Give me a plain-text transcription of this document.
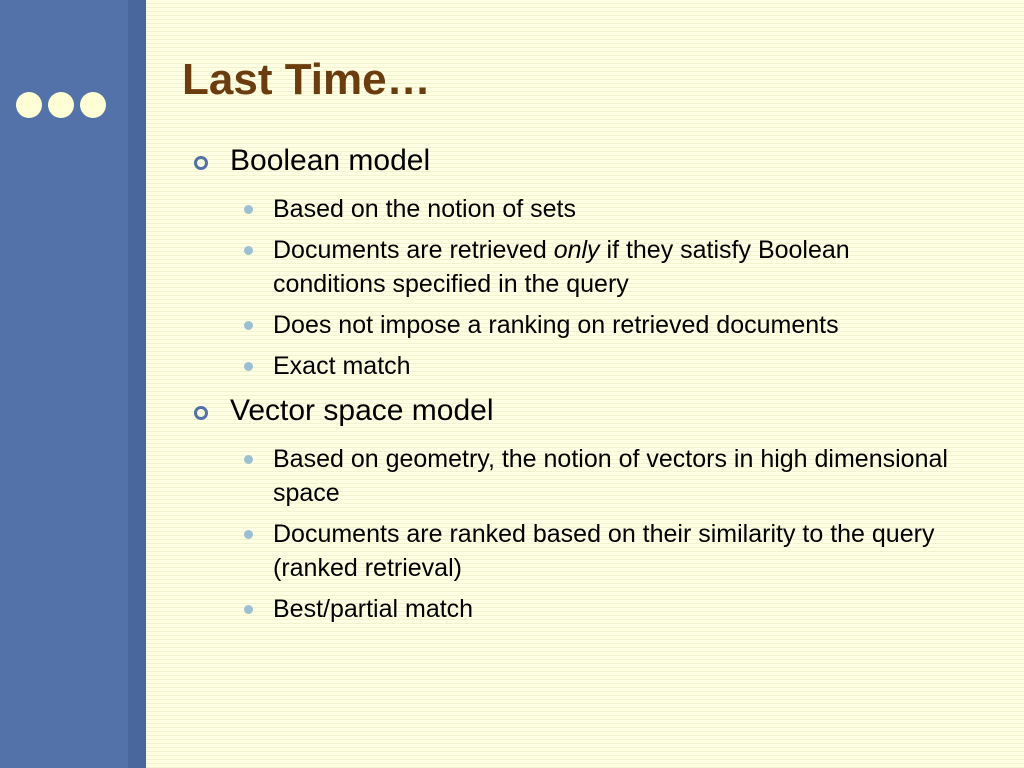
Last Time…
Boolean model
Based on the notion of sets
Documents are retrieved only if they satisfy Boolean conditions specified in the query
Does not impose a ranking on retrieved documents
Exact match
Vector space model
Based on geometry, the notion of vectors in high dimensional space
Documents are ranked based on their similarity to the query (ranked retrieval)
Best/partial match
